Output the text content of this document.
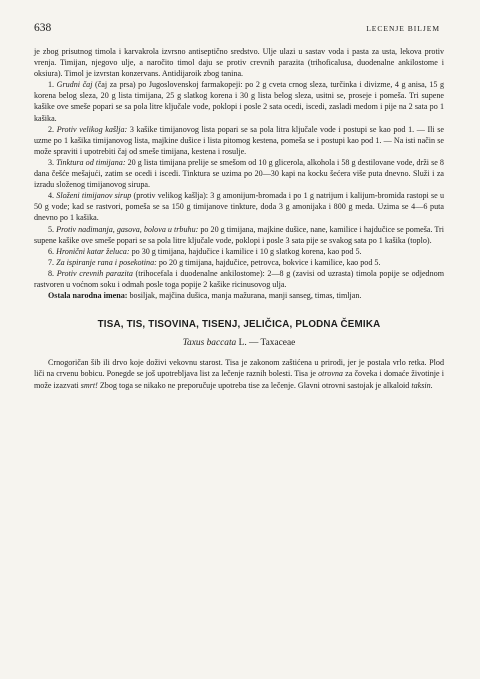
638	LECENJE BILJEM

je zbog prisutnog timola i karvakrola izvrsno antiseptično sredstvo. Ulje ulazi u sastav voda i pasta za usta, lekova protiv vrenja. Timijan, njegovo ulje, a naročito timol daju se protiv crevnih parazita (trihoficalusa, duodenalne ankilostome i oksiura). Timol je izvrstan konzervans. Antidijaroik zbog tanina.

1. Grudni čaj (čaj za prsa) po Jugoslovenskoj farmakopeji: po 2 g cveta crnog sleza, turčinka i divizme, 4 g anisa, 15 g korena belog sleza, 20 g lista timijana, 25 g slatkog korena i 30 g lista belog sleza, usitni se, proseje i pomeša. Tri supene kašike ove smeše popari se sa pola litre ključale vode, poklopi i posle 2 sata ocedi, iscedi, zasladi medom i pije na 2 sata po 1 kašika.

2. Protiv velikog kašlja: 3 kašike timijanovog lista popari se sa pola litra ključale vode i postupi se kao pod 1. — Ili se uzme po 1 kašika timijanovog lista, majkine dušice i lista pitomog kestena, pomeša se i postupi kao pod 1. — Na isti način se može spraviti i upotrebiti čaj od smeše timijana, kestena i rosulje.

3. Tinktura od timijana: 20 g lista timijana prelije se smešom od 10 g glicerola, alkohola i 58 g destilovane vode, drži se 8 dana češće mešajući, zatim se ocedi i iscedi. Tinktura se uzima po 20—30 kapi na kocku šećera više puta dnevno. Služi i za izradu složenog timijanovog sirupa.

4. Složeni timijanov sirup (protiv velikog kašlja): 3 g amonijum-bromada i po 1 g natrijum i kalijum-bromida rastopi se u 50 g vode; kad se rastvori, pomeša se sa 150 g timijanove tinkture, doda 3 g amonijaka i 800 g meda. Uzima se 4—6 puta dnevno po 1 kašika.

5. Protiv nadimanja, gasova, bolova u trbuhu: po 20 g timijana, majkine dušice, nane, kamilice i hajdučice se pomeša. Tri supene kašike ove smeše popari se sa pola litre ključale vode, poklopi i posle 3 sata pije se svakog sata po 1 kašika (toplo).

6. Hronični katar želuca: po 30 g timijana, hajdučice i kamilice i 10 g slatkog korena, kao pod 5.

7. Za ispiranje rana i posekotina: po 20 g timijana, hajdučice, petrovca, bokvice i kamilice, kao pod 5.

8. Protiv crevnih parazita (trihocefala i duodenalne ankilostome): 2—8 g (zavisi od uzrasta) timola popije se odjednom rastvoren u voćnom soku i odmah posle toga popije 2 kašike ricinusovog ulja.

Ostala narodna imena: bosiljak, majčina dušica, manja mažurana, manji sanseg, timas, timljan.

TISA, TIS, TISOVINA, TISENJ, JELIČICA, PLODNA ČEMIKA
Taxus baccata L. — Taxaceae

Crnogoričan šib ili drvo koje doživi vekovnu starost. Tisa je zakonom zaštićena u prirodi, jer je postala vrlo retka. Plod liči na crvenu bobicu. Ponegde se još upotrebljava list za lečenje raznih bolesti. Tisa je otrovna za čoveka i domaće životinje i može izazvati smrt! Zbog toga se nikako ne preporučuje upotreba tise za lečenje. Glavni otrovni sastojak je alkaloid taksin.
